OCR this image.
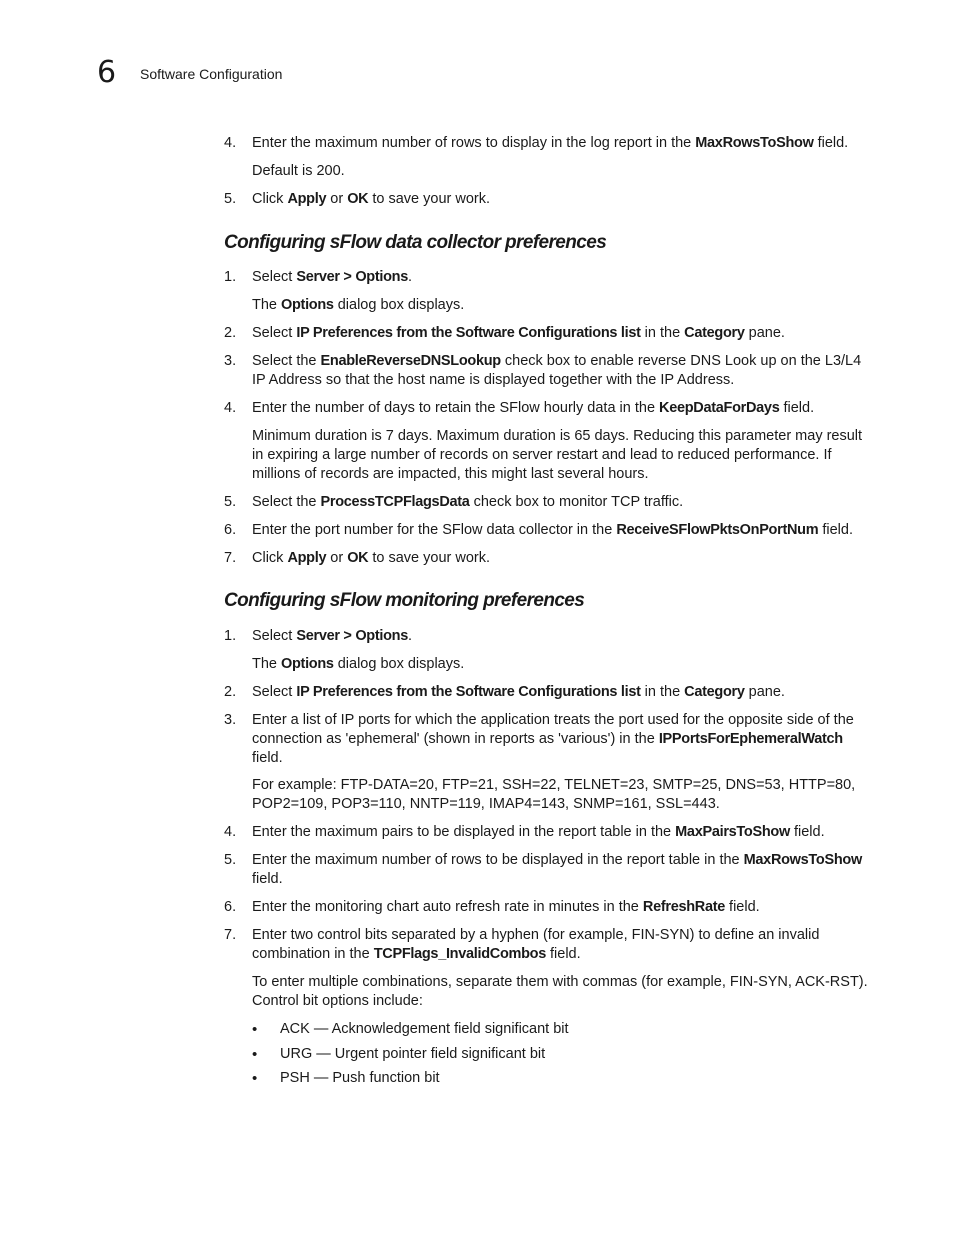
6 Software Configuration
4.	Enter the maximum number of rows to display in the log report in the MaxRowsToShow field.
Default is 200.
5.	Click Apply or OK to save your work.
Configuring sFlow data collector preferences
1.	Select Server > Options.
The Options dialog box displays.
2.	Select IP Preferences from the Software Configurations list in the Category pane.
3.	Select the EnableReverseDNSLookup check box to enable reverse DNS Look up on the L3/L4 IP Address so that the host name is displayed together with the IP Address.
4.	Enter the number of days to retain the SFlow hourly data in the KeepDataForDays field.
Minimum duration is 7 days. Maximum duration is 65 days. Reducing this parameter may result in expiring a large number of records on server restart and lead to reduced performance. If millions of records are impacted, this might last several hours.
5.	Select the ProcessTCPFlagsData check box to monitor TCP traffic.
6.	Enter the port number for the SFlow data collector in the ReceiveSFlowPktsOnPortNum field.
7.	Click Apply or OK to save your work.
Configuring sFlow monitoring preferences
1.	Select Server > Options.
The Options dialog box displays.
2.	Select IP Preferences from the Software Configurations list in the Category pane.
3.	Enter a list of IP ports for which the application treats the port used for the opposite side of the connection as 'ephemeral' (shown in reports as 'various') in the IPPortsForEphemeralWatch field.
For example: FTP-DATA=20, FTP=21, SSH=22, TELNET=23, SMTP=25, DNS=53, HTTP=80, POP2=109, POP3=110, NNTP=119, IMAP4=143, SNMP=161, SSL=443.
4.	Enter the maximum pairs to be displayed in the report table in the MaxPairsToShow field.
5.	Enter the maximum number of rows to be displayed in the report table in the MaxRowsToShow field.
6.	Enter the monitoring chart auto refresh rate in minutes in the RefreshRate field.
7.	Enter two control bits separated by a hyphen (for example, FIN-SYN) to define an invalid combination in the TCPFlags_InvalidCombos field.
To enter multiple combinations, separate them with commas (for example, FIN-SYN, ACK-RST). Control bit options include:
• ACK — Acknowledgement field significant bit
• URG — Urgent pointer field significant bit
• PSH — Push function bit
